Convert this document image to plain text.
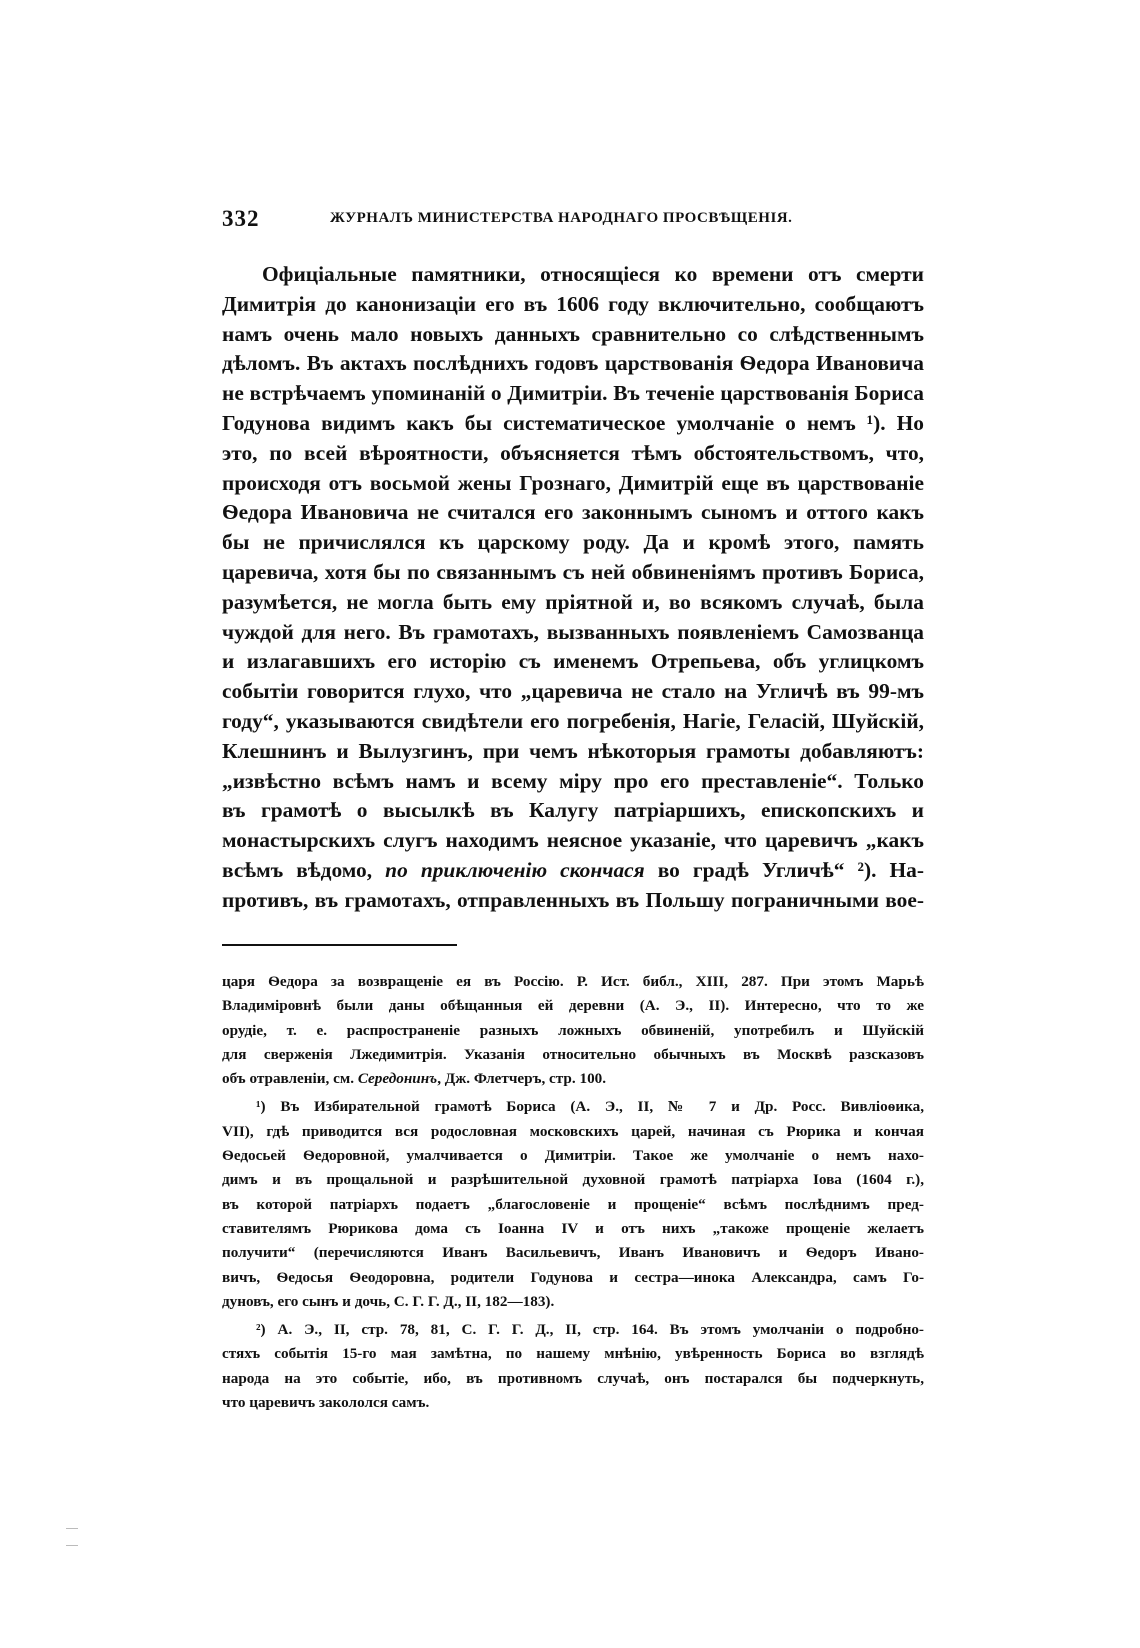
332	ЖУРНАЛЪ МИНИСТЕРСТВА НАРОДНАГО ПРОСВѢЩЕНІЯ.
Офиціальные памятники, относящіеся ко времени отъ смерти
Димитрія до канонизаціи его въ 1606 году включительно, сообщаютъ
намъ очень мало новыхъ данныхъ сравнительно со слѣдственнымъ
дѣломъ. Въ актахъ послѣднихъ годовъ царствованія Ѳедора Ивановича
не встрѣчаемъ упоминаній о Димитріи. Въ теченіе царствованія Бориса
Годунова видимъ какъ бы систематическое умолчаніе о немъ ¹). Но
это, по всей вѣроятности, объясняется тѣмъ обстоятельствомъ, что,
происходя отъ восьмой жены Грознаго, Димитрій еще въ царствованіе
Ѳедора Ивановича не считался его законнымъ сыномъ и оттого какъ
бы не причислялся къ царскому роду. Да и кромѣ этого, память
царевича, хотя бы по связаннымъ съ ней обвиненіямъ противъ Бориса,
разумѣется, не могла быть ему пріятной и, во всякомъ случаѣ, была
чуждой для него. Въ грамотахъ, вызванныхъ появленіемъ Самозванца
и излагавшихъ его исторію съ именемъ Отрепьева, объ углицкомъ
событіи говорится глухо, что „царевича не стало на Угличѣ въ 99-мъ
году“, указываются свидѣтели его погребенія, Нагіе, Геласій, Шуйскій,
Клешнинъ и Вылузгинъ, при чемъ нѣкоторыя грамоты добавляютъ:
„извѣстно всѣмъ намъ и всему міру про его преставленіе“. Только
въ грамотѣ о высылкѣ въ Калугу патріаршихъ, епископскихъ и
монастырскихъ слугъ находимъ неясное указаніе, что царевичъ „какъ
всѣмъ вѣдомо, по приключенію скончася во градѣ Угличѣ“ ²). На-
противъ, въ грамотахъ, отправленныхъ въ Польшу пограничными вое-
царя Ѳедора за возвращеніе ея въ Россію. Р. Ист. библ., XIII, 287. При этомъ Марьѣ
Владиміровнѣ были даны обѣщанныя ей деревни (А. Э., II). Интересно, что то же
орудіе, т. е. распространеніе разныхъ ложныхъ обвиненій, употребилъ и Шуйскій
для сверженія Лжедимитрія. Указанія относительно обычныхъ въ Москвѣ разсказовъ
объ отравленіи, см. Середонинъ, Дж. Флетчеръ, стр. 100.
¹) Въ Избирательной грамотѣ Бориса (А. Э., II, № 7 и Др. Росс. Вивліоѳика,
VII), гдѣ приводится вся родословная московскихъ царей, начиная съ Рюрика и кончая
Ѳедосьей Ѳедоровной, умалчивается о Димитріи. Такое же умолчаніе о немъ нахо-
димъ и въ прощальной и разрѣшительной духовной грамотѣ патріарха Іова (1604 г.),
въ которой патріархъ подаетъ „благословеніе и прощеніе“ всѣмъ послѣднимъ пред-
ставителямъ Рюрикова дома съ Іоанна IV и отъ нихъ „такоже прощеніе желаетъ
получити“ (перечисляются Иванъ Васильевичъ, Иванъ Ивановичъ и Ѳедоръ Ивано-
вичъ, Ѳедосья Ѳеодоровна, родители Годунова и сестра—инока Александра, самъ Го-
дуновъ, его сынъ и дочь, С. Г. Г. Д., II, 182—183).
²) А. Э., II, стр. 78, 81, С. Г. Г. Д., II, стр. 164. Въ этомъ умолчаніи о подробно-
стяхъ событія 15-го мая замѣтна, по нашему мнѣнію, увѣренность Бориса во взглядѣ
народа на это событіе, ибо, въ противномъ случаѣ, онъ постарался бы подчеркнуть,
что царевичъ закололся самъ.
